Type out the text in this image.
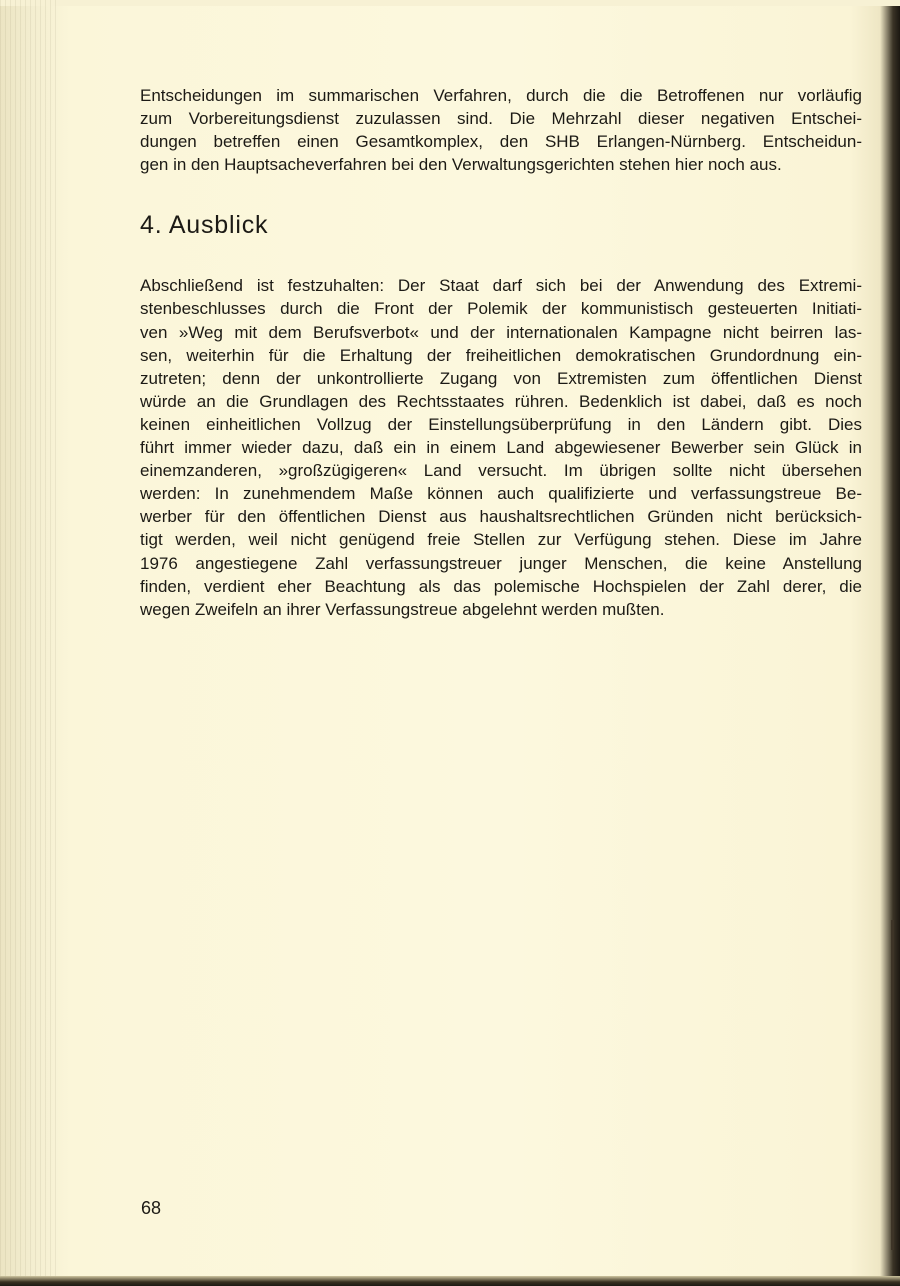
Entscheidungen im summarischen Verfahren, durch die die Betroffenen nur vorläufig
zum Vorbereitungsdienst zuzulassen sind. Die Mehrzahl dieser negativen Entschei-
dungen betreffen einen Gesamtkomplex, den SHB Erlangen-Nürnberg. Entscheidun-
gen in den Hauptsacheverfahren bei den Verwaltungsgerichten stehen hier noch aus.

4. Ausblick

Abschließend ist festzuhalten: Der Staat darf sich bei der Anwendung des Extremi-
stenbeschlusses durch die Front der Polemik der kommunistisch gesteuerten Initiati-
ven »Weg mit dem Berufsverbot« und der internationalen Kampagne nicht beirren las-
sen, weiterhin für die Erhaltung der freiheitlichen demokratischen Grundordnung ein-
zutreten; denn der unkontrollierte Zugang von Extremisten zum öffentlichen Dienst
würde an die Grundlagen des Rechtsstaates rühren. Bedenklich ist dabei, daß es noch
keinen einheitlichen Vollzug der Einstellungsüberprüfung in den Ländern gibt. Dies
führt immer wieder dazu, daß ein in einem Land abgewiesener Bewerber sein Glück in
einemzanderen, »großzügigeren« Land versucht. Im übrigen sollte nicht übersehen
werden: In zunehmendem Maße können auch qualifizierte und verfassungstreue Be-
werber für den öffentlichen Dienst aus haushaltsrechtlichen Gründen nicht berücksich-
tigt werden, weil nicht genügend freie Stellen zur Verfügung stehen. Diese im Jahre
1976 angestiegene Zahl verfassungstreuer junger Menschen, die keine Anstellung
finden, verdient eher Beachtung als das polemische Hochspielen der Zahl derer, die
wegen Zweifeln an ihrer Verfassungstreue abgelehnt werden mußten.

68
